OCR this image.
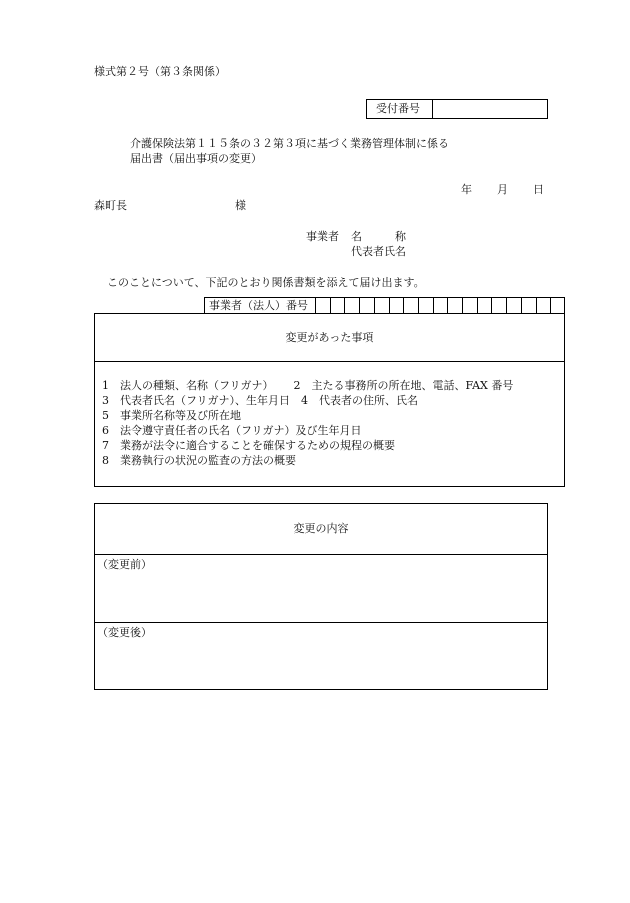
様式第２号（第３条関係）
受付番号
介護保険法第１１５条の３２第３項に基づく業務管理体制に係る
届出書（届出事項の変更）
年 月 日
森町長	様
事業者 名　　　称
代表者氏名
このことについて、下記のとおり関係書類を添えて届け出ます。
事業者（法人）番号
変更があった事項
1　法人の種類、名称（フリガナ）　　 2　主たる事務所の所在地、電話、FAX 番号
3　代表者氏名（フリガナ）、生年月日　4　代表者の住所、氏名
5　事業所名称等及び所在地
6　法令遵守責任者の氏名（フリガナ）及び生年月日
7　業務が法令に適合することを確保するための規程の概要
8　業務執行の状況の監査の方法の概要
変更の内容
（変更前）
（変更後）
